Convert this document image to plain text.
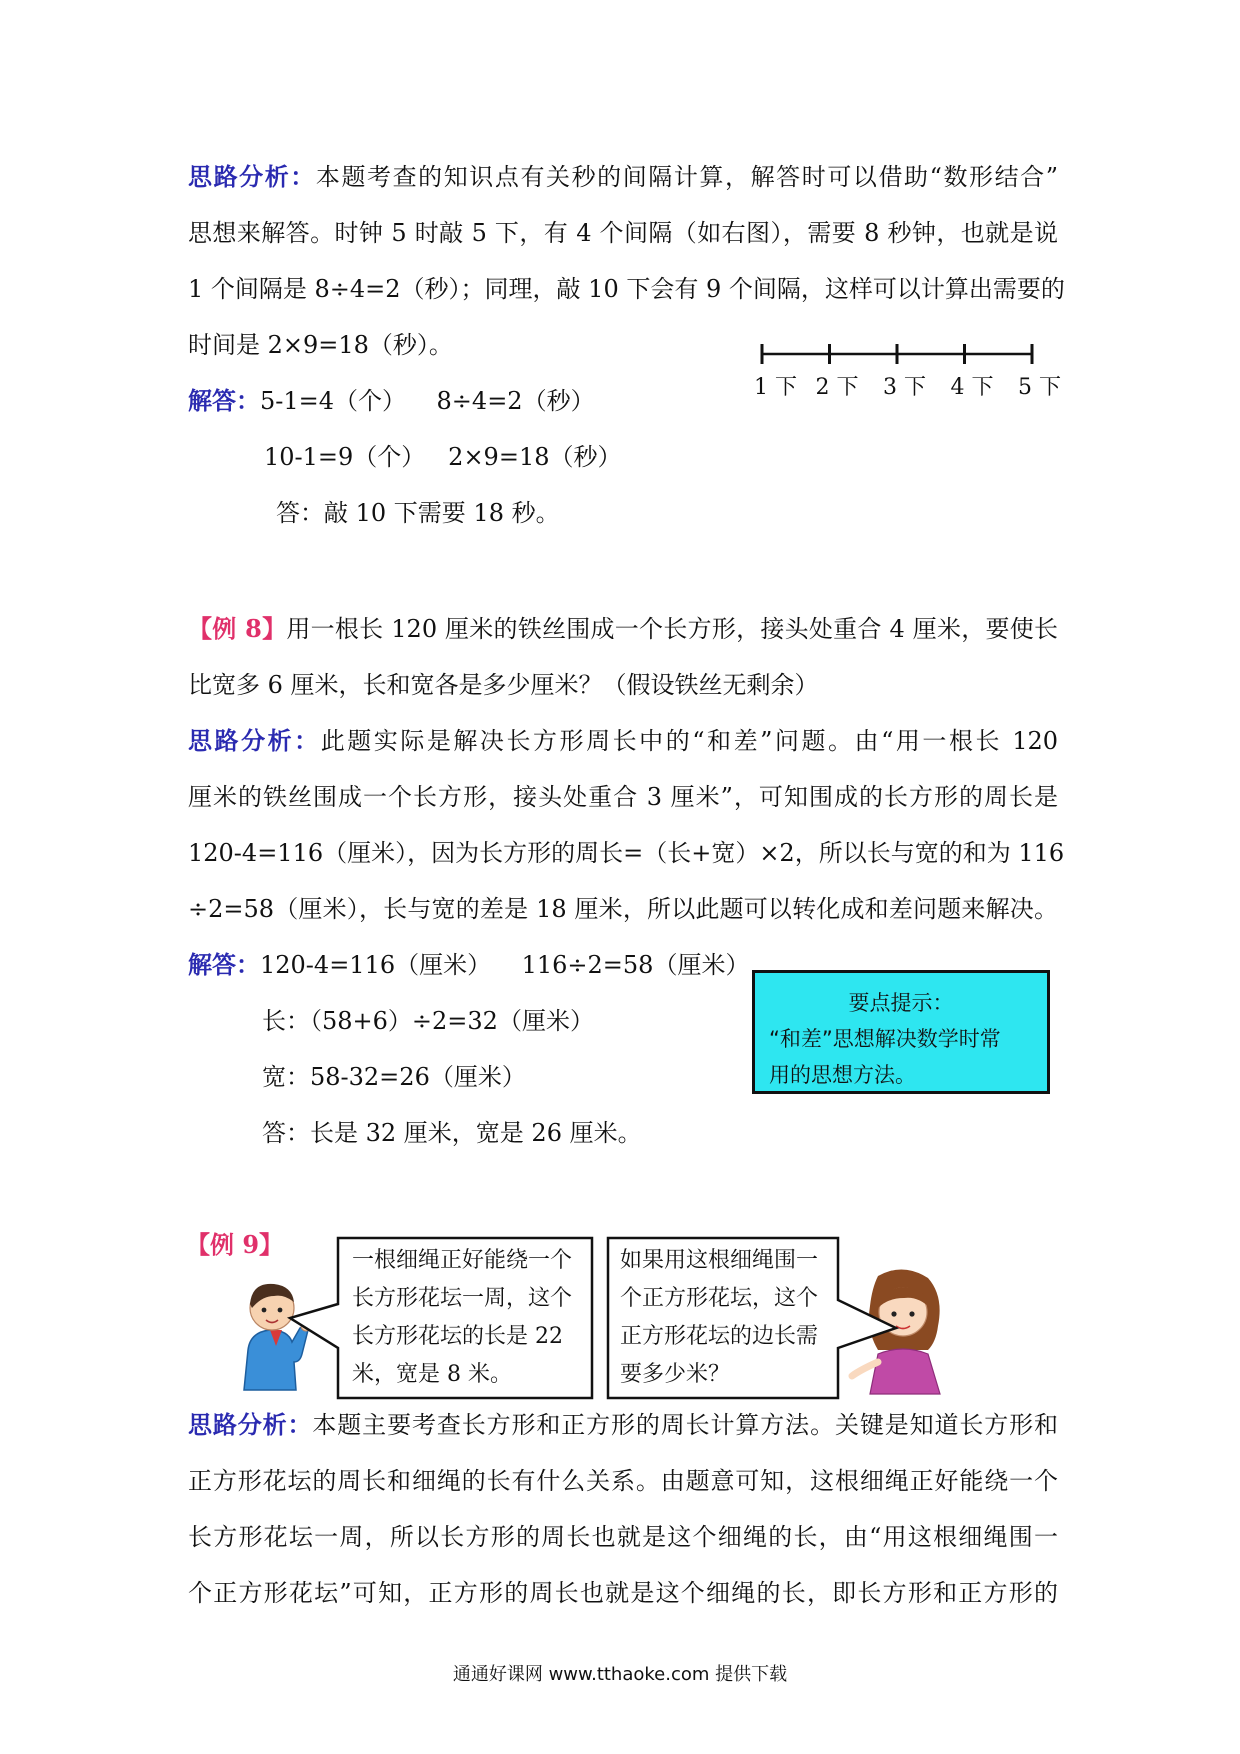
思路分析：本题考查的知识点有关秒的间隔计算，解答时可以借助“数形结合”
思想来解答。时钟 5 时敲 5 下，有 4 个间隔（如右图），需要 8 秒钟，也就是说
1 个间隔是 8÷4=2（秒）；同理，敲 10 下会有 9 个间隔，这样可以计算出需要的
时间是 2×9=18（秒）。
1 下 2 下 3 下 4 下 5 下
解答：5-1=4（个）    8÷4=2（秒）
10-1=9（个）   2×9=18（秒）
答：敲 10 下需要 18 秒。
【例 8】用一根长 120 厘米的铁丝围成一个长方形，接头处重合 4 厘米，要使长
比宽多 6 厘米，长和宽各是多少厘米？（假设铁丝无剩余）
思路分析：此题实际是解决长方形周长中的“和差”问题。由“用一根长 120
厘米的铁丝围成一个长方形，接头处重合 3 厘米”，可知围成的长方形的周长是
120-4=116（厘米），因为长方形的周长=（长+宽）×2，所以长与宽的和为 116
÷2=58（厘米），长与宽的差是 18 厘米，所以此题可以转化成和差问题来解决。
解答：120-4=116（厘米）    116÷2=58（厘米）
长：（58+6）÷2=32（厘米）
宽：58-32=26（厘米）
答：长是 32 厘米，宽是 26 厘米。
要点提示：
“和差”思想解决数学时常
用的思想方法。
【例 9】
一根细绳正好能绕一个
长方形花坛一周，这个
长方形花坛的长是 22
米，宽是 8 米。
如果用这根细绳围一
个正方形花坛，这个
正方形花坛的边长需
要多少米？
思路分析：本题主要考查长方形和正方形的周长计算方法。关键是知道长方形和
正方形花坛的周长和细绳的长有什么关系。由题意可知，这根细绳正好能绕一个
长方形花坛一周，所以长方形的周长也就是这个细绳的长，由“用这根细绳围一
个正方形花坛”可知，正方形的周长也就是这个细绳的长，即长方形和正方形的
通通好课网 www.tthaoke.com 提供下载
